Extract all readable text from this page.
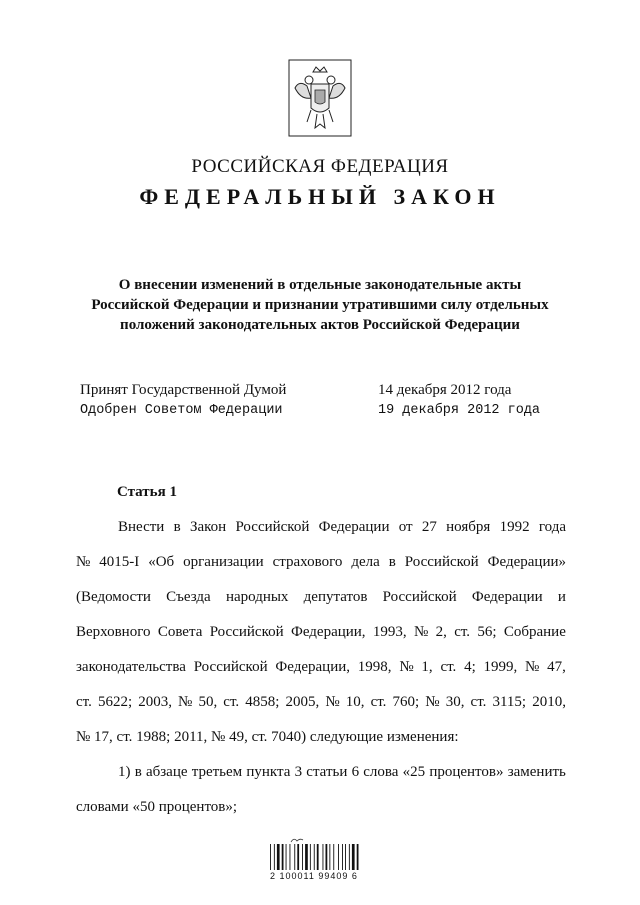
РОССИЙСКАЯ ФЕДЕРАЦИЯ
ФЕДЕРАЛЬНЫЙ ЗАКОН
О внесении изменений в отдельные законодательные акты
Российской Федерации и признании утратившими силу отдельных
положений законодательных актов Российской Федерации
Принят Государственной Думой	14 декабря 2012 года
Одобрен Советом Федерации	19 декабря 2012 года
Статья 1
Внести в Закон Российской Федерации от 27 ноября 1992 года
№ 4015-I «Об организации страхового дела в Российской Федерации»
(Ведомости Съезда народных депутатов Российской Федерации и
Верховного Совета Российской Федерации, 1993, № 2, ст. 56; Собрание
законодательства Российской Федерации, 1998, № 1, ст. 4; 1999, № 47,
ст. 5622; 2003, № 50, ст. 4858; 2005, № 10, ст. 760; № 30, ст. 3115; 2010,
№ 17, ст. 1988; 2011, № 49, ст. 7040) следующие изменения:
1) в абзаце третьем пункта 3 статьи 6 слова «25 процентов» заменить
словами «50 процентов»;
2 100011 99409 6
